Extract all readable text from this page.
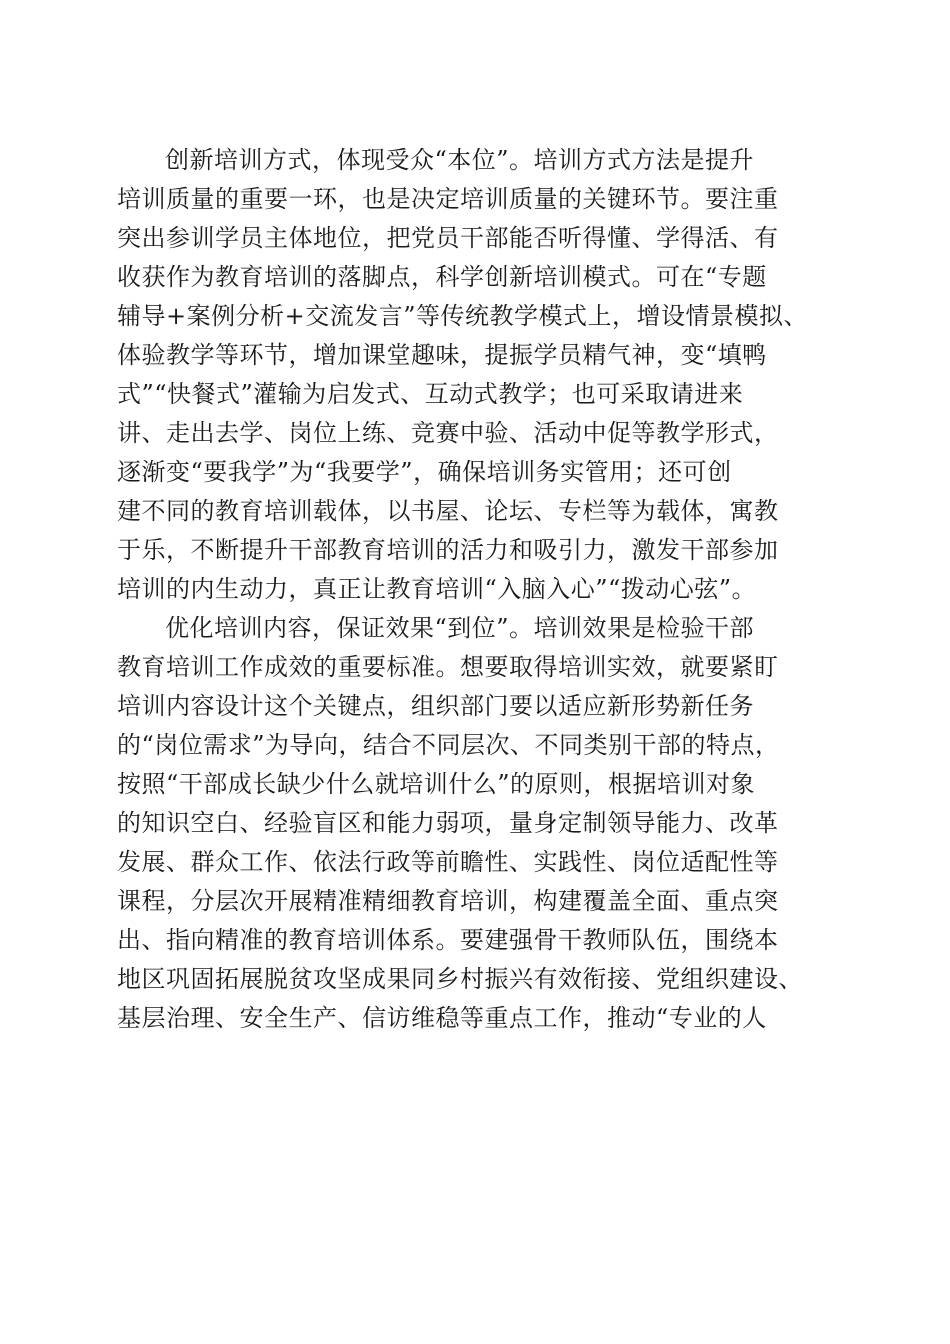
创新培训方式，体现受众“本位”。培训方式方法是提升
培训质量的重要一环，也是决定培训质量的关键环节。要注重
突出参训学员主体地位，把党员干部能否听得懂、学得活、有
收获作为教育培训的落脚点，科学创新培训模式。可在“专题
辅导+案例分析+交流发言”等传统教学模式上，增设情景模拟、
体验教学等环节，增加课堂趣味，提振学员精气神，变“填鸭
式”“快餐式”灌输为启发式、互动式教学；也可采取请进来
讲、走出去学、岗位上练、竞赛中验、活动中促等教学形式，
逐渐变“要我学”为“我要学”，确保培训务实管用；还可创
建不同的教育培训载体，以书屋、论坛、专栏等为载体，寓教
于乐，不断提升干部教育培训的活力和吸引力，激发干部参加
培训的内生动力，真正让教育培训“入脑入心”“拨动心弦”。
优化培训内容，保证效果“到位”。培训效果是检验干部
教育培训工作成效的重要标准。想要取得培训实效，就要紧盯
培训内容设计这个关键点，组织部门要以适应新形势新任务
的“岗位需求”为导向，结合不同层次、不同类别干部的特点，
按照“干部成长缺少什么就培训什么”的原则，根据培训对象
的知识空白、经验盲区和能力弱项，量身定制领导能力、改革
发展、群众工作、依法行政等前瞻性、实践性、岗位适配性等
课程，分层次开展精准精细教育培训，构建覆盖全面、重点突
出、指向精准的教育培训体系。要建强骨干教师队伍，围绕本
地区巩固拓展脱贫攻坚成果同乡村振兴有效衔接、党组织建设、
基层治理、安全生产、信访维稳等重点工作，推动“专业的人
